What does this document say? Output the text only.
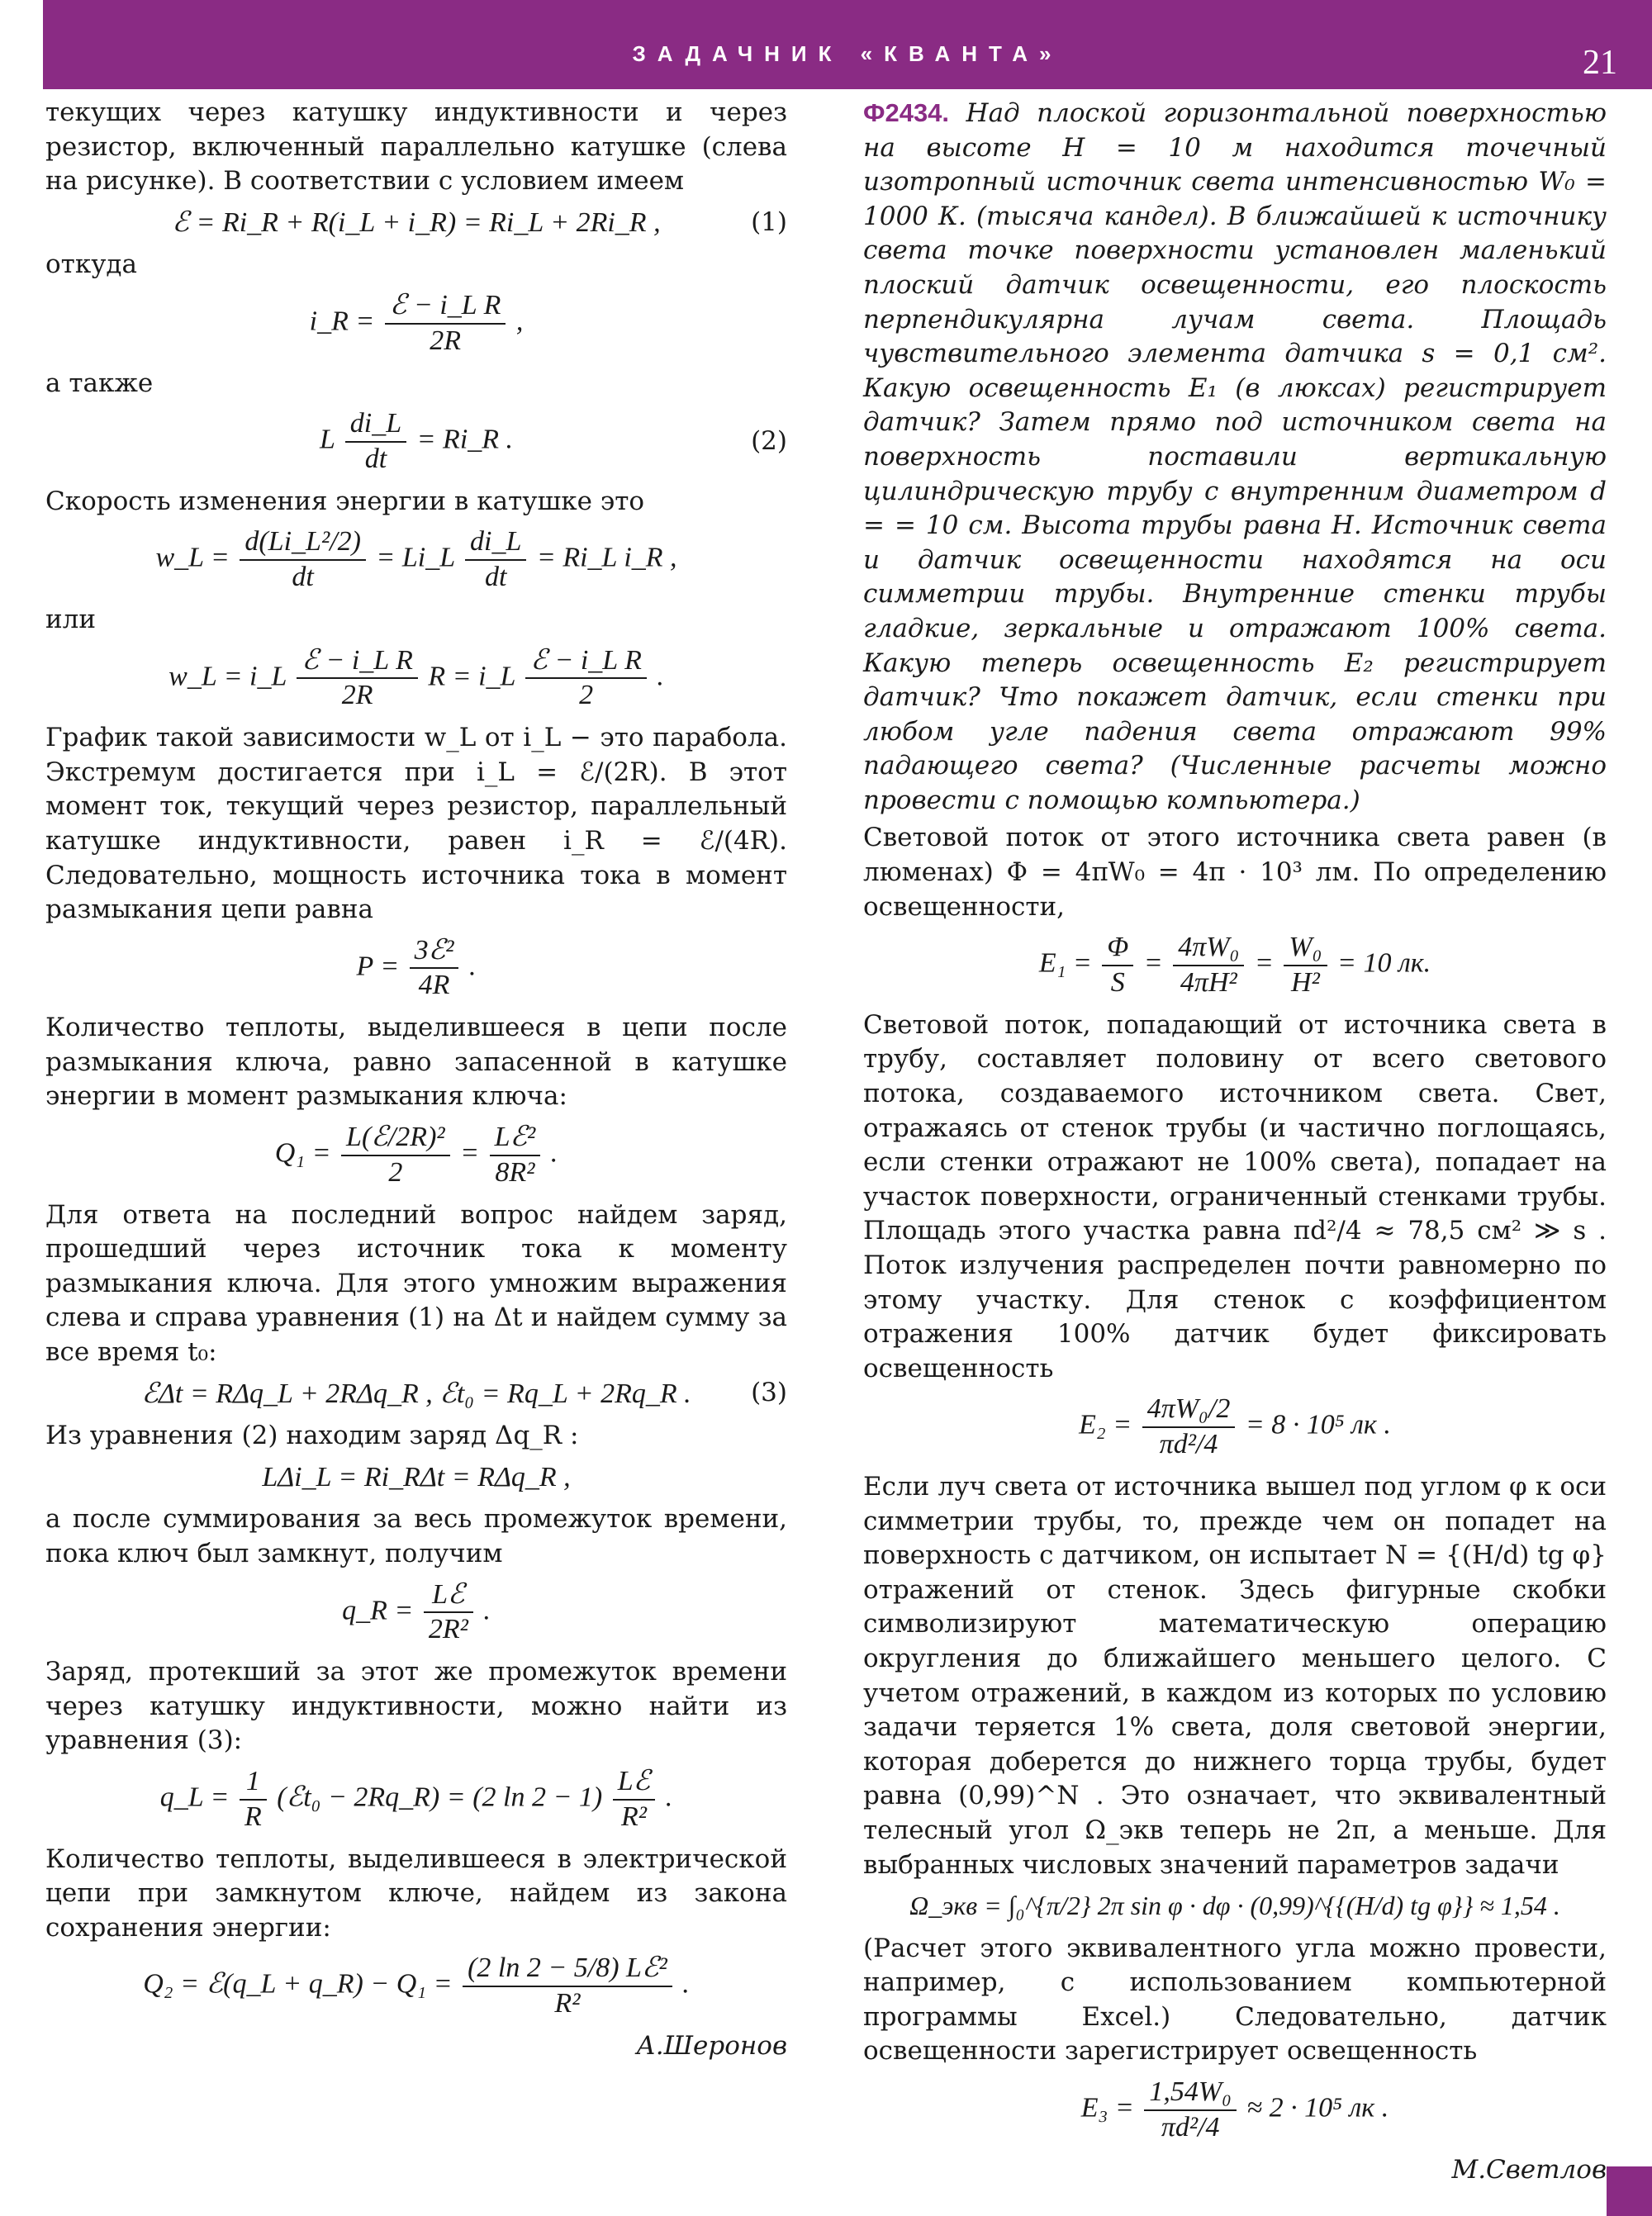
ЗАДАЧНИК «КВАНТА»	21

текущих через катушку индуктивности и через резистор, включенный параллельно катушке (слева на рисунке). В соответствии с условием имеем

ℰ = Ri_R + R(i_L + i_R) = Ri_L + 2Ri_R ,	(1)

откуда

i_R = $\frac{\text{ℰ − i\_L R}}{2R}$ ,

а также

L $\frac{di\_L}{dt}$ = Ri_R .	(2)

Скорость изменения энергии в катушке это

w_L = $\frac{\text{d(Li\_L²/2)}}{dt}$ = Li_L $\frac{di\_L}{dt}$ = Ri_L i_R ,

или

w_L = i_L $\frac{\text{ℰ − i\_L R}}{2R}$ R = i_L $\frac{\text{ℰ − i\_L R}}{2}$ .

График такой зависимости w_L от i_L − это парабола. Экстремум достигается при i_L = ℰ/(2R). В этот момент ток, текущий через резистор, параллельный катушке индуктивности, равен i_R = ℰ/(4R). Следовательно, мощность источника тока в момент размыкания цепи равна

$P = \frac{\text{3ℰ²}}{4R}$ .

Количество теплоты, выделившееся в цепи после размыкания ключа, равно запасенной в катушке энергии в момент размыкания ключа:

$Q_1 = \frac{\text{L(ℰ/2R)²}}{2} = \frac{\text{Lℰ²}}{\text{8R²}}$ .

Для ответа на последний вопрос найдем заряд, прошедший через источник тока к моменту размыкания ключа. Для этого умножим выражения слева и справа уравнения (1) на Δt и найдем сумму за все время t₀:

ℰΔt = RΔq_L + 2RΔq_R , ℰt₀ = Rq_L + 2Rq_R . (3)

Из уравнения (2) находим заряд Δq_R :

LΔi_L = Ri_RΔt = RΔq_R ,

а после суммирования за весь промежуток времени, пока ключ был замкнут, получим

q_R = $\frac{\text{Lℰ}}{\text{2R²}}$ .

Заряд, протекший за этот же промежуток времени через катушку индуктивности, можно найти из уравнения (3):

q_L = $\frac{1}{R}$ (ℰt₀ − 2Rq_R) = (2 $\ln 2 - 1) \frac{\text{Lℰ}}{\text{R²}}$ .

Количество теплоты, выделившееся в электрической цепи при замкнутом ключе, найдем из закона сохранения энергии:

Q₂ = ℰ(q_L + q_R) − $Q_1 = \frac{\text{(2 ln 2 − 5/8) Lℰ²}}{\text{R²}}$ .
А.Шеронов

Ф2434. Над плоской горизонтальной поверхностью на высоте H = 10 м находится точечный изотропный источник света интенсивностью W₀ = 1000 К. (тысяча кандел). В ближайшей к источнику света точке поверхности установлен маленький плоский датчик освещенности, его плоскость перпендикулярна лучам света. Площадь чувствительного элемента датчика s = 0,1 см². Какую освещенность E₁ (в люксах) регистрирует датчик? Затем прямо под источником света на поверхность поставили вертикальную цилиндрическую трубу с внутренним диаметром d = = 10 см. Высота трубы равна H. Источник света и датчик освещенности находятся на оси симметрии трубы. Внутренние стенки трубы гладкие, зеркальные и отражают 100% света. Какую теперь освещенность E₂ регистрирует датчик? Что покажет датчик, если стенки при любом угле падения света отражают 99% падающего света? (Численные расчеты можно провести с помощью компьютера.)

Световой поток от этого источника света равен (в люменах) Φ = 4πW₀ = 4π · 10³ лм. По определению освещенности,

$E_1 = \frac{\Phi}{S} = \frac{\text{4πW₀}}{\text{4πH²}} = \frac{\text{W₀}}{\text{H²}} = 10$ лк.

Световой поток, попадающий от источника света в трубу, составляет половину от всего светового потока, создаваемого источником света. Свет, отражаясь от стенок трубы (и частично поглощаясь, если стенки отражают не 100% света), попадает на участок поверхности, ограниченный стенками трубы. Площадь этого участка равна πd²/4 ≈ 78,5 см² ≫ s . Поток излучения распределен почти равномерно по этому участку. Для стенок с коэффициентом отражения 100% датчик будет фиксировать освещенность

$E_2 = \frac{\text{4πW₀/2}}{\text{πd²/4}} = 8 \cdot 10^5$ лк .

Если луч света от источника вышел под углом φ к оси симметрии трубы, то, прежде чем он попадет на поверхность с датчиком, он испытает N = {(H/d) tg φ} отражений от стенок. Здесь фигурные скобки символизируют математическую операцию округления до ближайшего меньшего целого. С учетом отражений, в каждом из которых по условию задачи теряется 1% света, доля световой энергии, которая доберется до нижнего торца трубы, будет равна (0,99)^N . Это означает, что эквивалентный телесный угол Ω_экв теперь не 2π, а меньше. Для выбранных числовых значений параметров задачи

Ω_экв = ∫₀^{π/2} 2π sin φ · dφ · (0,99)^{{(H/d) tg φ}} ≈ 1,54 .

(Расчет этого эквивалентного угла можно провести, например, с использованием компьютерной программы Excel.) Следовательно, датчик освещенности зарегистрирует освещенность

$E_3 = \frac{\text{1,54W₀}}{\text{πd²/4}} \approx 2 \cdot 10^5$ лк .
М.Светлов
